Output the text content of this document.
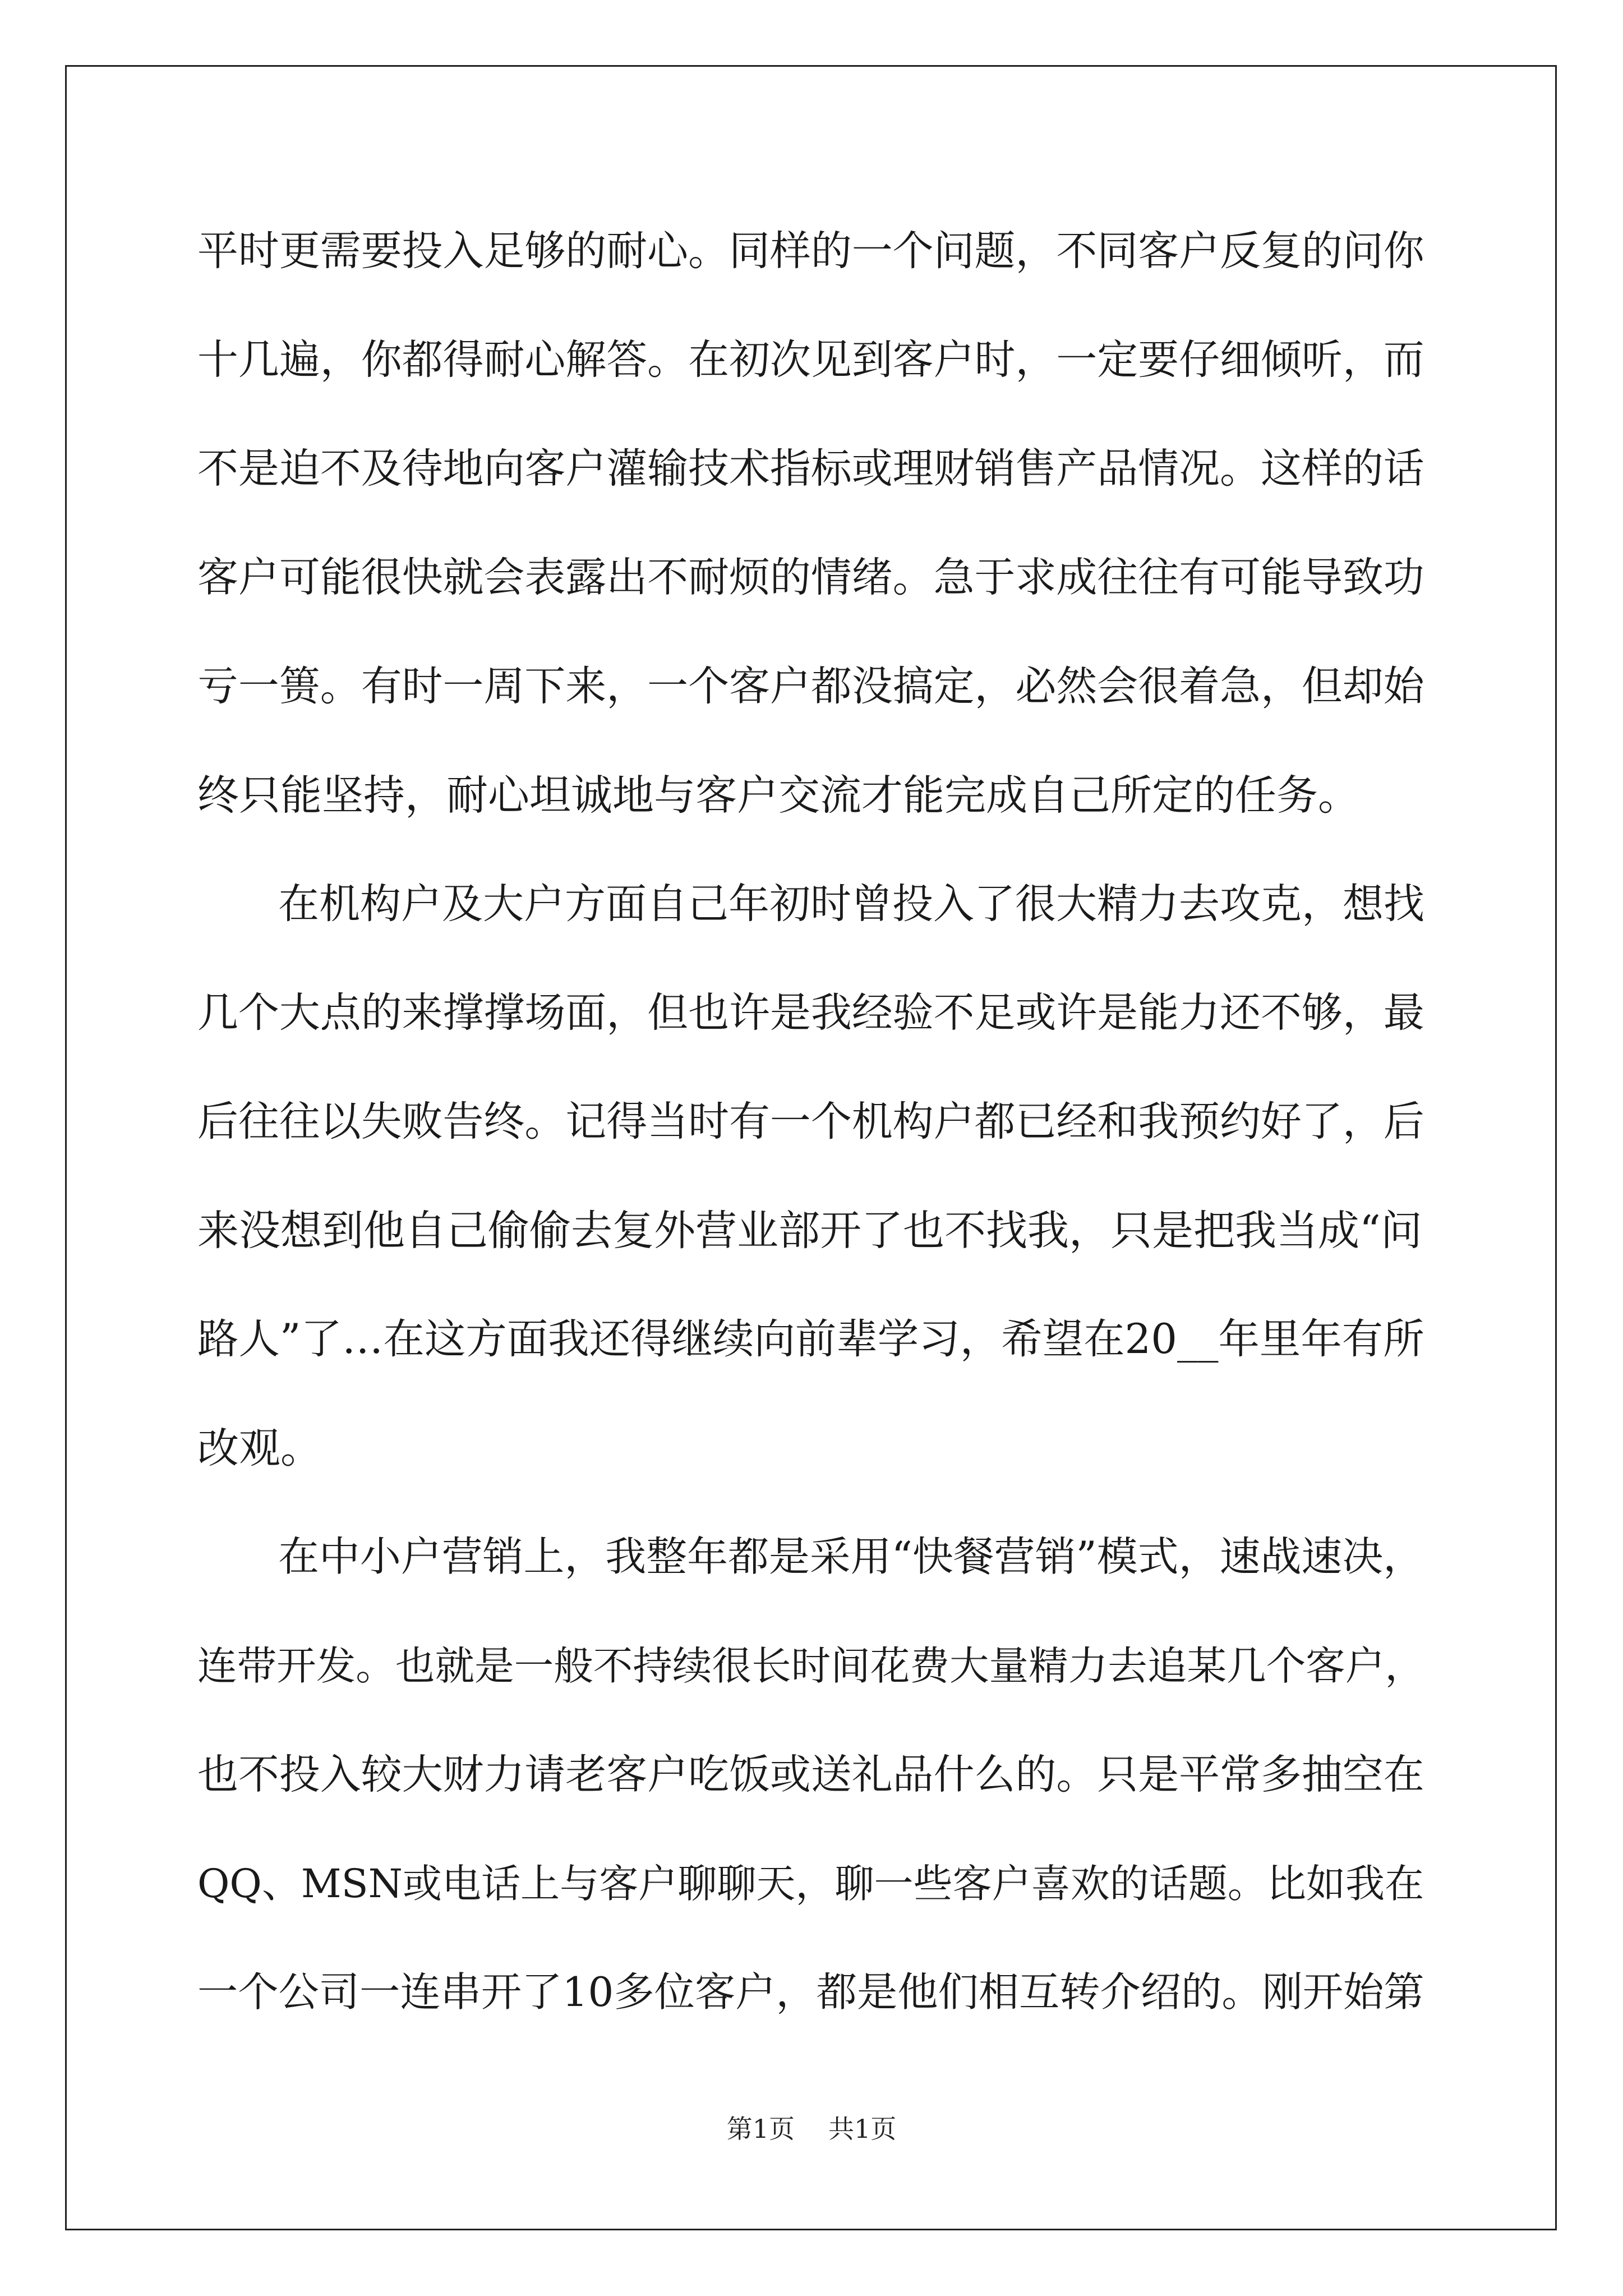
平时更需要投入足够的耐心。同样的一个问题，不同客户反复的问你
十几遍，你都得耐心解答。在初次见到客户时，一定要仔细倾听，而
不是迫不及待地向客户灌输技术指标或理财销售产品情况。这样的话
客户可能很快就会表露出不耐烦的情绪。急于求成往往有可能导致功
亏一篑。有时一周下来，一个客户都没搞定，必然会很着急，但却始
终只能坚持，耐心坦诚地与客户交流才能完成自己所定的任务。
在机构户及大户方面自己年初时曾投入了很大精力去攻克，想找
几个大点的来撑撑场面，但也许是我经验不足或许是能力还不够，最
后往往以失败告终。记得当时有一个机构户都已经和我预约好了，后
来没想到他自己偷偷去复外营业部开了也不找我，只是把我当成“问
路人”了…在这方面我还得继续向前辈学习，希望在20__年里年有所
改观。
在中小户营销上，我整年都是采用“快餐营销”模式，速战速决，
连带开发。也就是一般不持续很长时间花费大量精力去追某几个客户，
也不投入较大财力请老客户吃饭或送礼品什么的。只是平常多抽空在
QQ、MSN或电话上与客户聊聊天，聊一些客户喜欢的话题。比如我在
一个公司一连串开了10多位客户，都是他们相互转介绍的。刚开始第
第1页 共1页
